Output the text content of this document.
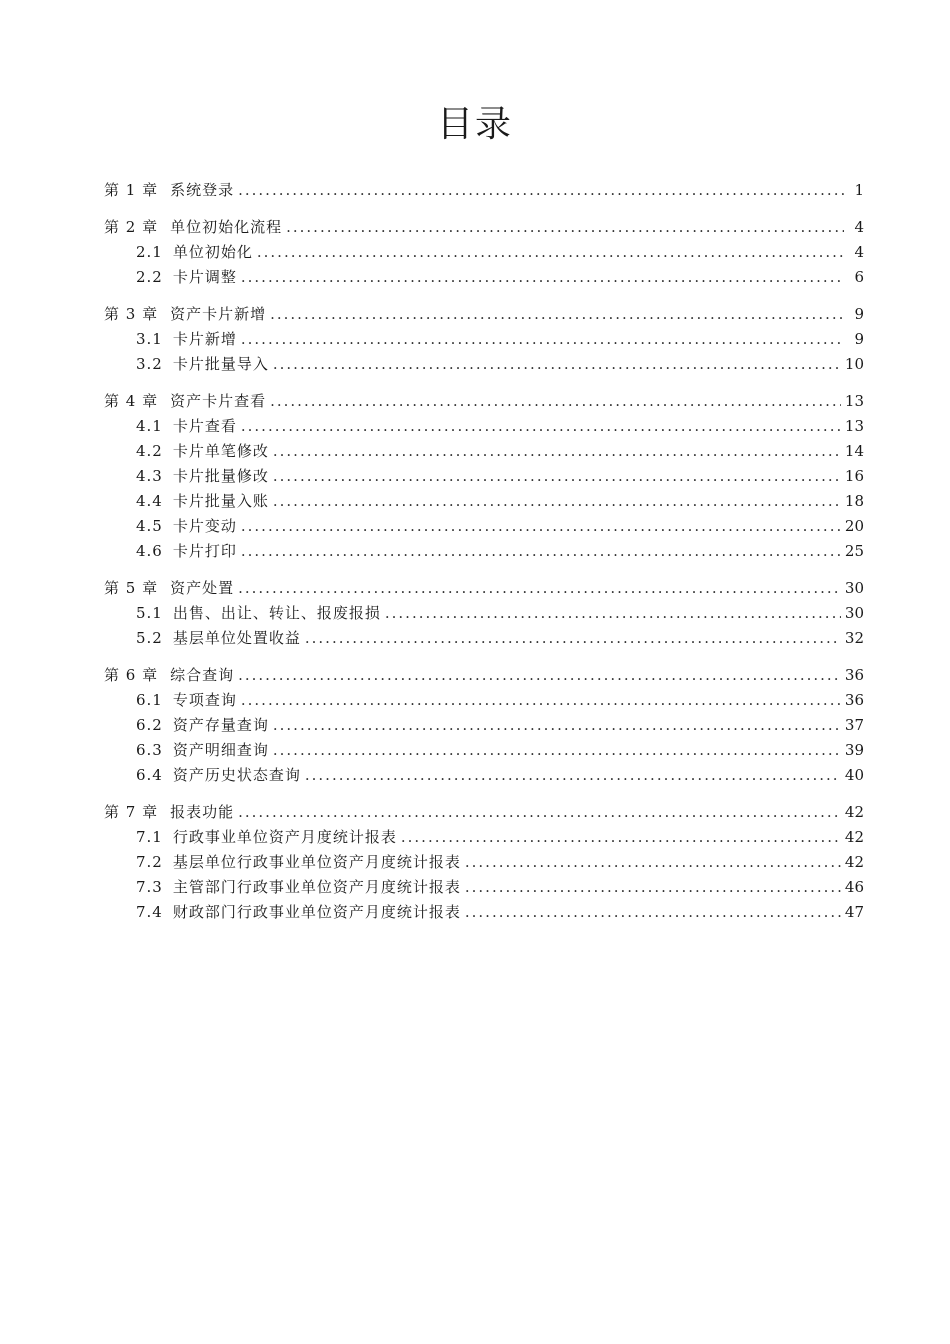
目录
第 1 章 系统登录 .....	1
第 2 章 单位初始化流程 .....	4
2.1 单位初始化 .....	4
2.2 卡片调整 .....	6
第 3 章 资产卡片新增 .....	9
3.1 卡片新增 .....	9
3.2 卡片批量导入 .....	10
第 4 章 资产卡片查看 .....	13
4.1 卡片查看 .....	13
4.2 卡片单笔修改 .....	14
4.3 卡片批量修改 .....	16
4.4 卡片批量入账 .....	18
4.5 卡片变动 .....	20
4.6 卡片打印 .....	25
第 5 章 资产处置 .....	30
5.1 出售、出让、转让、报废报损 .....	30
5.2 基层单位处置收益 .....	32
第 6 章 综合查询 .....	36
6.1 专项查询 .....	36
6.2 资产存量查询 .....	37
6.3 资产明细查询 .....	39
6.4 资产历史状态查询 .....	40
第 7 章 报表功能 .....	42
7.1 行政事业单位资产月度统计报表 .....	42
7.2 基层单位行政事业单位资产月度统计报表 .....	42
7.3 主管部门行政事业单位资产月度统计报表 .....	46
7.4 财政部门行政事业单位资产月度统计报表 .....	47
